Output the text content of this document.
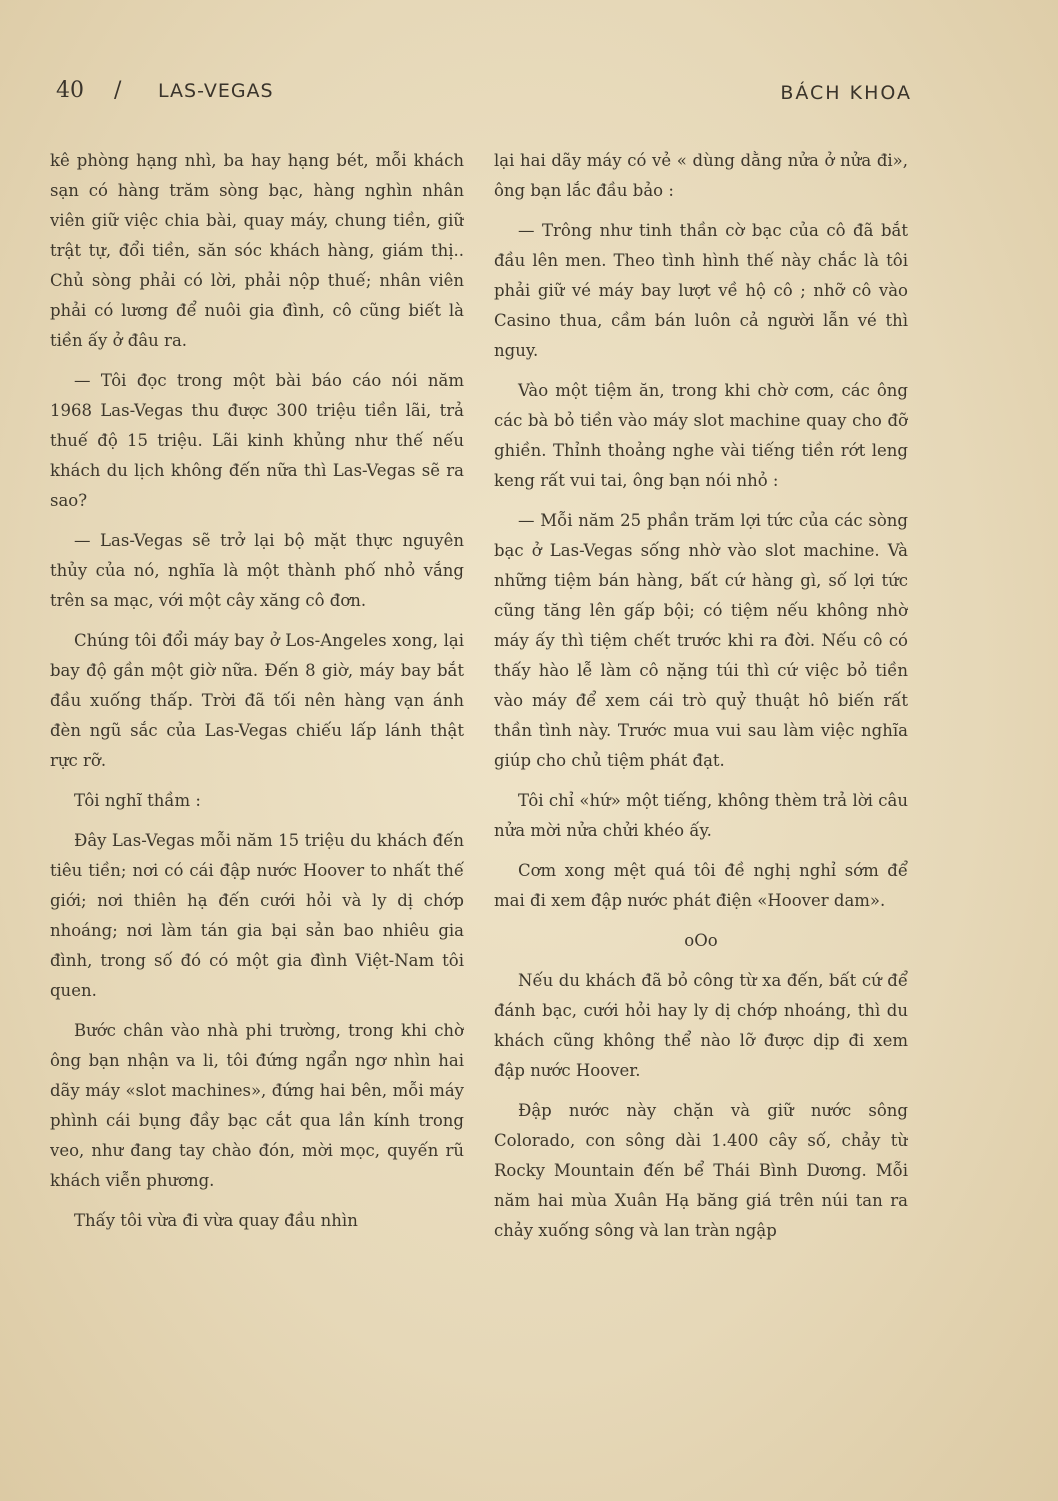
40 / LAS-VEGAS	BÁCH KHOA

kê phòng hạng nhì, ba hay hạng bét, mỗi khách sạn có hàng trăm sòng bạc, hàng nghìn nhân viên giữ việc chia bài, quay máy, chung tiền, giữ trật tự, đổi tiền, săn sóc khách hàng, giám thị.. Chủ sòng phải có lời, phải nộp thuế; nhân viên phải có lương để nuôi gia đình, cô cũng biết là tiền ấy ở đâu ra.

— Tôi đọc trong một bài báo cáo nói năm 1968 Las-Vegas thu được 300 triệu tiền lãi, trả thuế độ 15 triệu. Lãi kinh khủng như thế nếu khách du lịch không đến nữa thì Las-Vegas sẽ ra sao?

— Las-Vegas sẽ trở lại bộ mặt thực nguyên thủy của nó, nghĩa là một thành phố nhỏ vắng trên sa mạc, với một cây xăng cô đơn.

Chúng tôi đổi máy bay ở Los-Angeles xong, lại bay độ gần một giờ nữa. Đến 8 giờ, máy bay bắt đầu xuống thấp. Trời đã tối nên hàng vạn ánh đèn ngũ sắc của Las-Vegas chiếu lấp lánh thật rực rỡ.

Tôi nghĩ thầm :

Đây Las-Vegas mỗi năm 15 triệu du khách đến tiêu tiền; nơi có cái đập nước Hoover to nhất thế giới; nơi thiên hạ đến cưới hỏi và ly dị chớp nhoáng; nơi làm tán gia bại sản bao nhiêu gia đình, trong số đó có một gia đình Việt-Nam tôi quen.

Bước chân vào nhà phi trường, trong khi chờ ông bạn nhận va li, tôi đứng ngẩn ngơ nhìn hai dãy máy «slot machines», đứng hai bên, mỗi máy phình cái bụng đầy bạc cắt qua lần kính trong veo, như đang tay chào đón, mời mọc, quyến rũ khách viễn phương.

Thấy tôi vừa đi vừa quay đầu nhìn

lại hai dãy máy có vẻ « dùng dằng nửa ở nửa đi», ông bạn lắc đầu bảo :

— Trông như tinh thần cờ bạc của cô đã bắt đầu lên men. Theo tình hình thế này chắc là tôi phải giữ vé máy bay lượt về hộ cô ; nhỡ cô vào Casino thua, cầm bán luôn cả người lẫn vé thì nguy.

Vào một tiệm ăn, trong khi chờ cơm, các ông các bà bỏ tiền vào máy slot machine quay cho đỡ ghiền. Thỉnh thoảng nghe vài tiếng tiền rớt leng keng rất vui tai, ông bạn nói nhỏ :

— Mỗi năm 25 phần trăm lợi tức của các sòng bạc ở Las-Vegas sống nhờ vào slot machine. Và những tiệm bán hàng, bất cứ hàng gì, số lợi tức cũng tăng lên gấp bội; có tiệm nếu không nhờ máy ấy thì tiệm chết trước khi ra đời. Nếu cô có thấy hào lễ làm cô nặng túi thì cứ việc bỏ tiền vào máy để xem cái trò quỷ thuật hô biến rất thần tình này. Trước mua vui sau làm việc nghĩa giúp cho chủ tiệm phát đạt.

Tôi chỉ «hứ» một tiếng, không thèm trả lời câu nửa mời nửa chửi khéo ấy.

Cơm xong mệt quá tôi đề nghị nghỉ sớm để mai đi xem đập nước phát điện «Hoover dam».

oOo

Nếu du khách đã bỏ công từ xa đến, bất cứ để đánh bạc, cưới hỏi hay ly dị chớp nhoáng, thì du khách cũng không thể nào lỡ được dịp đi xem đập nước Hoover.

Đập nước này chặn và giữ nước sông Colorado, con sông dài 1.400 cây số, chảy từ Rocky Mountain đến bể Thái Bình Dương. Mỗi năm hai mùa Xuân Hạ băng giá trên núi tan ra chảy xuống sông và lan tràn ngập
